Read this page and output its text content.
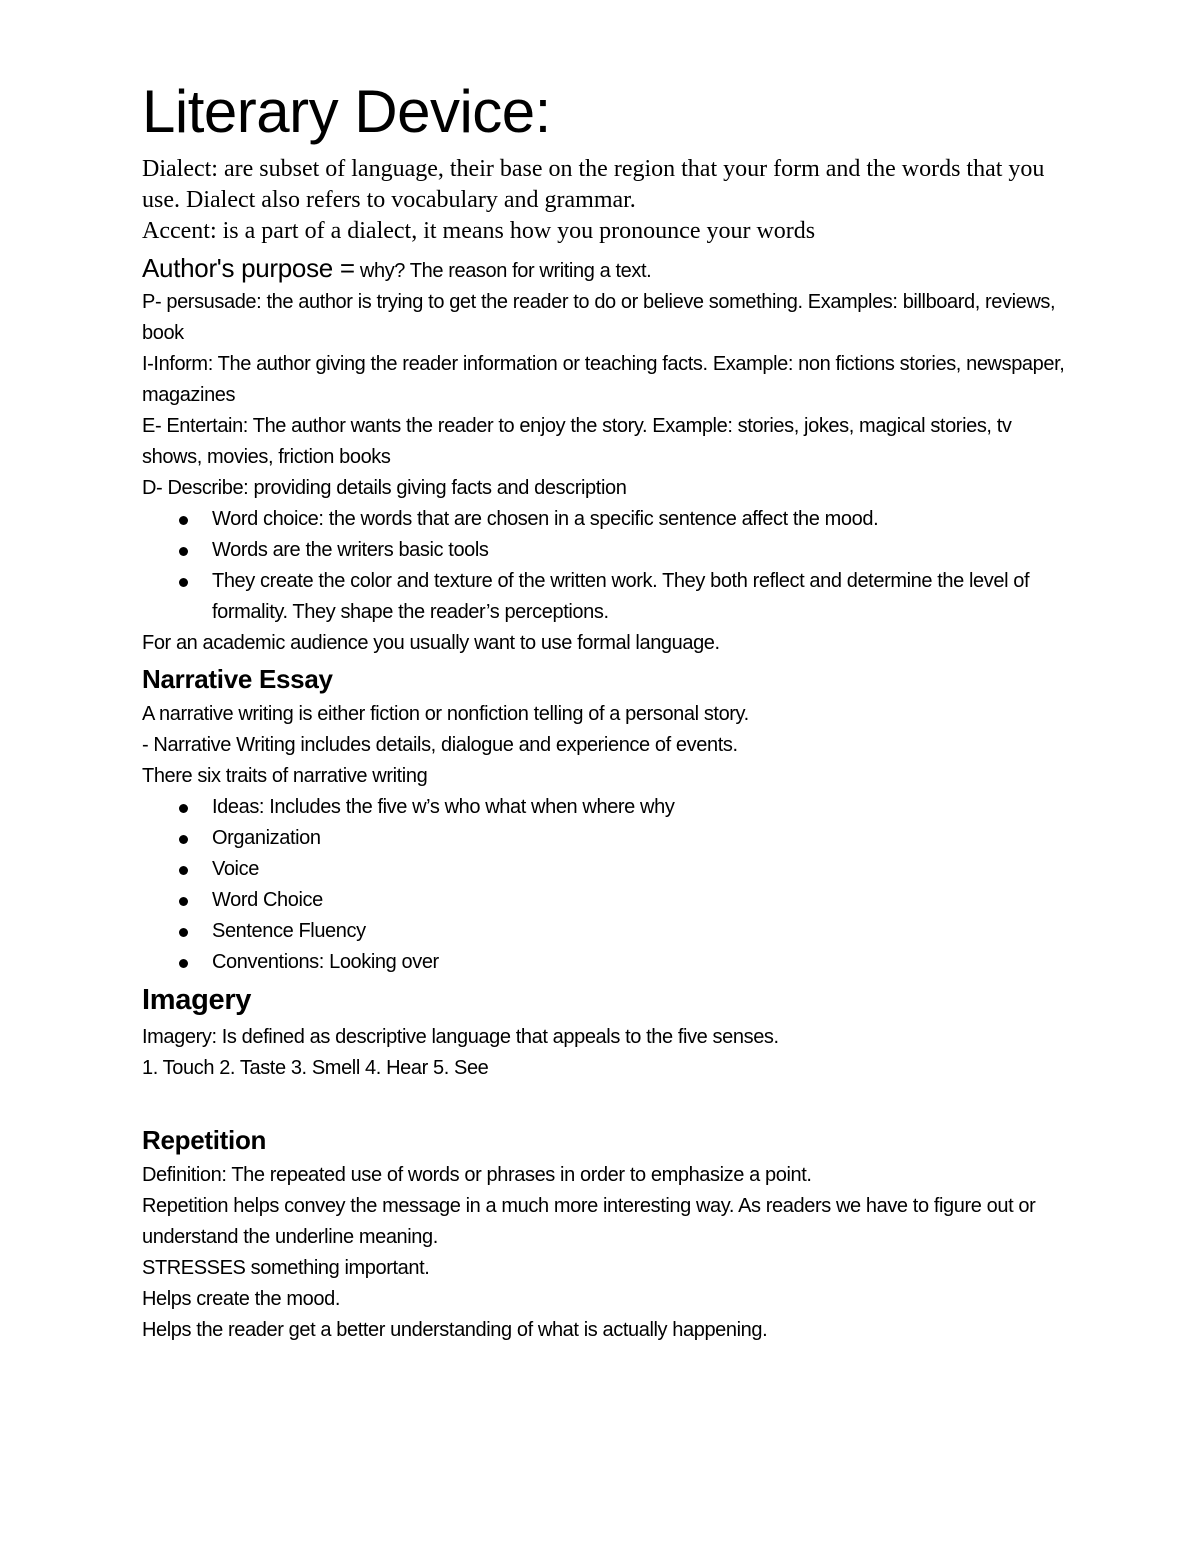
Literary Device:

Dialect: are subset of language, their base on the region that your form and the words that you use. Dialect also refers to vocabulary and grammar.

Accent: is a part of a dialect, it means how you pronounce your words

Author's purpose = why? The reason for writing a text.

P- persusade: the author is trying to get the reader to do or believe something. Examples: billboard, reviews, book

I-Inform: The author giving the reader information or teaching facts. Example: non fictions stories, newspaper, magazines

E- Entertain: The author wants the reader to enjoy the story. Example: stories, jokes, magical stories, tv shows, movies, friction books

D- Describe: providing details giving facts and description

Word choice: the words that are chosen in a specific sentence affect the mood.
Words are the writers basic tools
They create the color and texture of the written work. They both reflect and determine the level of formality. They shape the reader’s perceptions.

For an academic audience you usually want to use formal language.

Narrative Essay

A narrative writing is either fiction or nonfiction telling of a personal story.

- Narrative Writing includes details, dialogue and experience of events.

There six traits of narrative writing

Ideas: Includes the five w’s who what when where why
Organization
Voice
Word Choice
Sentence Fluency
Conventions: Looking over
Imagery

Imagery: Is defined as descriptive language that appeals to the five senses.

1. Touch 2. Taste 3. Smell 4. Hear 5. See

Repetition

Definition: The repeated use of words or phrases in order to emphasize a point.

Repetition helps convey the message in a much more interesting way. As readers we have to figure out or understand the underline meaning.

STRESSES something important.

Helps create the mood.

Helps the reader get a better understanding of what is actually happening.
